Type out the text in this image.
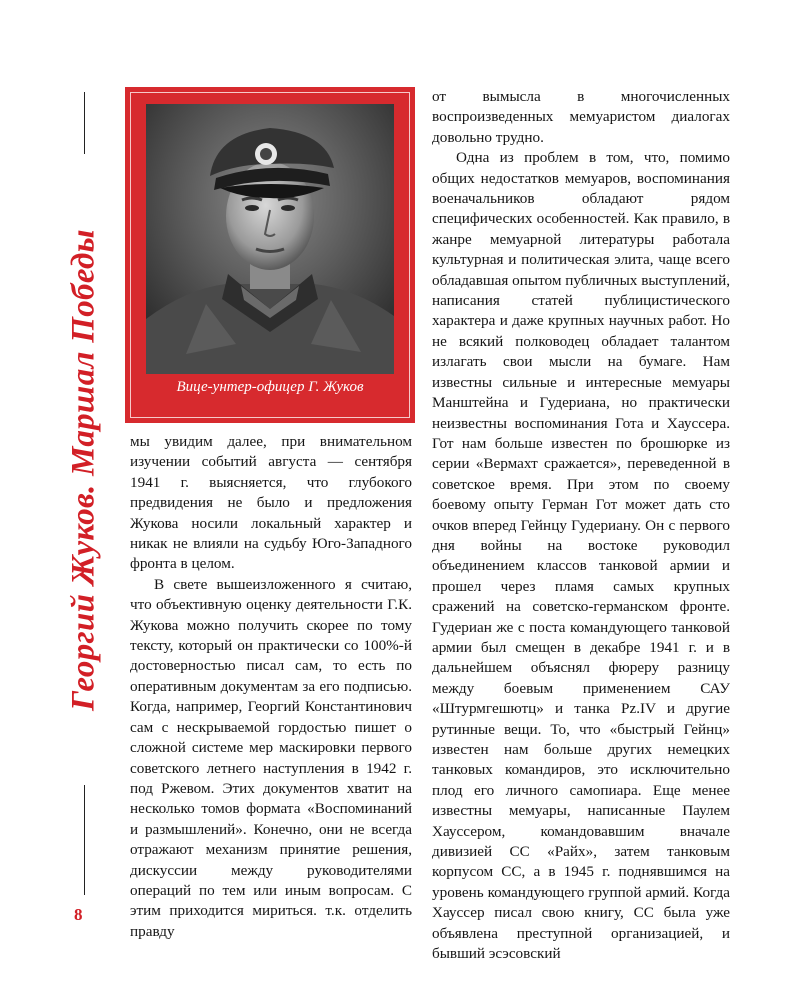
Георгий Жуков. Маршал Победы
8
Вице-унтер-офицер Г. Жуков

мы увидим далее, при внимательном изучении событий августа — сентября 1941 г. выясняется, что глубокого предвидения не было и предложения Жукова носили локальный характер и никак не влияли на судьбу Юго-Западного фронта в целом.

В свете вышеизложенного я считаю, что объективную оценку деятельности Г.К. Жукова можно получить скорее по тому тексту, который он практически со 100%-й достоверностью писал сам, то есть по оперативным документам за его подписью. Когда, например, Георгий Константинович сам с нескрываемой гордостью пишет о сложной системе мер маскировки первого советского летнего наступления в 1942 г. под Ржевом. Этих документов хватит на несколько томов формата «Воспоминаний и размышлений». Конечно, они не всегда отражают механизм принятие решения, дискуссии между руководителями операций по тем или иным вопросам. С этим приходится мириться. т.к. отделить правду

от вымысла в многочисленных воспроизведенных мемуаристом диалогах довольно трудно.

Одна из проблем в том, что, помимо общих недостатков мемуаров, воспоминания военачальников обладают рядом специфических особенностей. Как правило, в жанре мемуарной литературы работала культурная и политическая элита, чаще всего обладавшая опытом публичных выступлений, написания статей публицистического характера и даже крупных научных работ. Но не всякий полководец обладает талантом излагать свои мысли на бумаге. Нам известны сильные и интересные мемуары Манштейна и Гудериана, но практически неизвестны воспоминания Гота и Хауссера. Гот нам больше известен по брошюрке из серии «Вермахт сражается», переведенной в советское время. При этом по своему боевому опыту Герман Гот может дать сто очков вперед Гейнцу Гудериану. Он с первого дня войны на востоке руководил объединением классов танковой армии и прошел через пламя самых крупных сражений на советско-германском фронте. Гудериан же с поста командующего танковой армии был смещен в декабре 1941 г. и в дальнейшем объяснял фюреру разницу между боевым применением САУ «Штурмгешютц» и танка Pz.IV и другие рутинные вещи. То, что «быстрый Гейнц» известен нам больше других немецких танковых командиров, это исключительно плод его личного самопиара. Еще менее известны мемуары, написанные Паулем Хауссером, командовавшим вначале дивизией СС «Райх», затем танковым корпусом СС, а в 1945 г. поднявшимся на уровень командующего группой армий. Когда Хауссер писал свою книгу, СС была уже объявлена преступной организацией, и бывший эсэсовский
